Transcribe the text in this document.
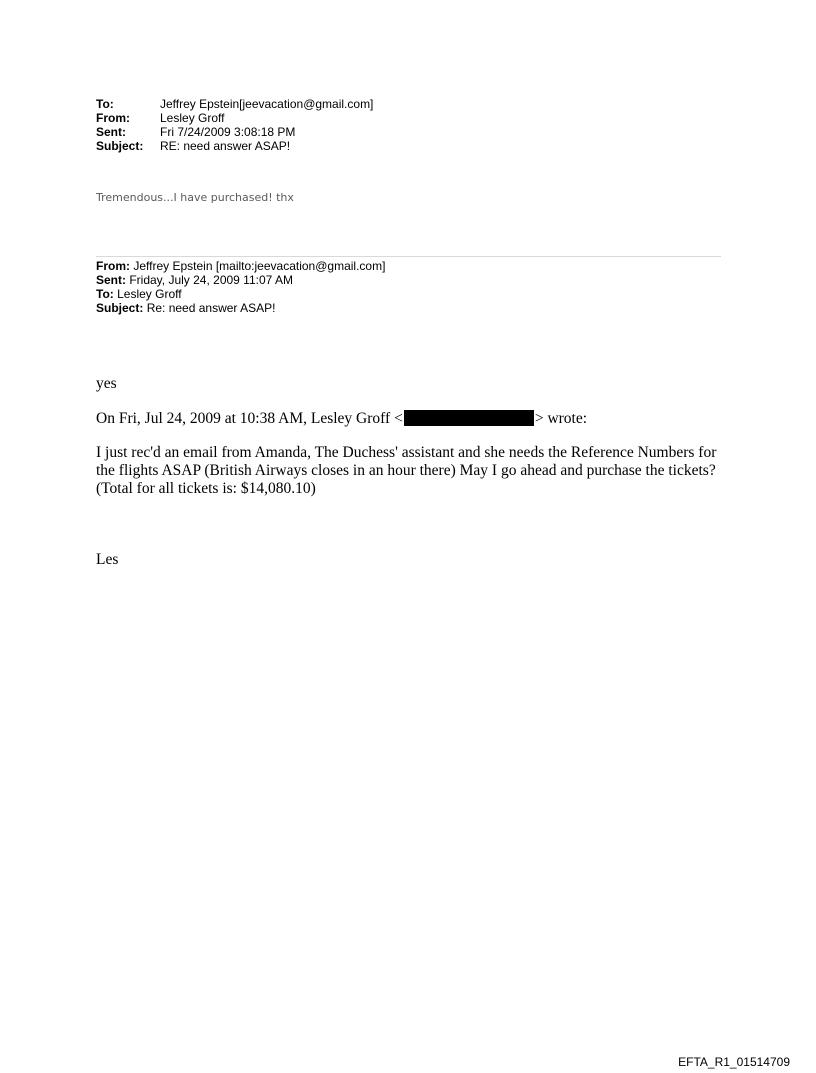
To:	Jeffrey Epstein[jeevacation@gmail.com]
From:	Lesley Groff
Sent:	Fri 7/24/2009 3:08:18 PM
Subject:	RE: need answer ASAP!
Tremendous...I have purchased! thx
From: Jeffrey Epstein [mailto:jeevacation@gmail.com]
Sent: Friday, July 24, 2009 11:07 AM
To: Lesley Groff
Subject: Re: need answer ASAP!
yes
On Fri, Jul 24, 2009 at 10:38 AM, Lesley Groff <	> wrote:
I just rec'd an email from Amanda, The Duchess' assistant and she needs the Reference Numbers for the flights ASAP (British Airways closes in an hour there) May I go ahead and purchase the tickets? (Total for all tickets is: $14,080.10)
Les
EFTA_R1_01514709
